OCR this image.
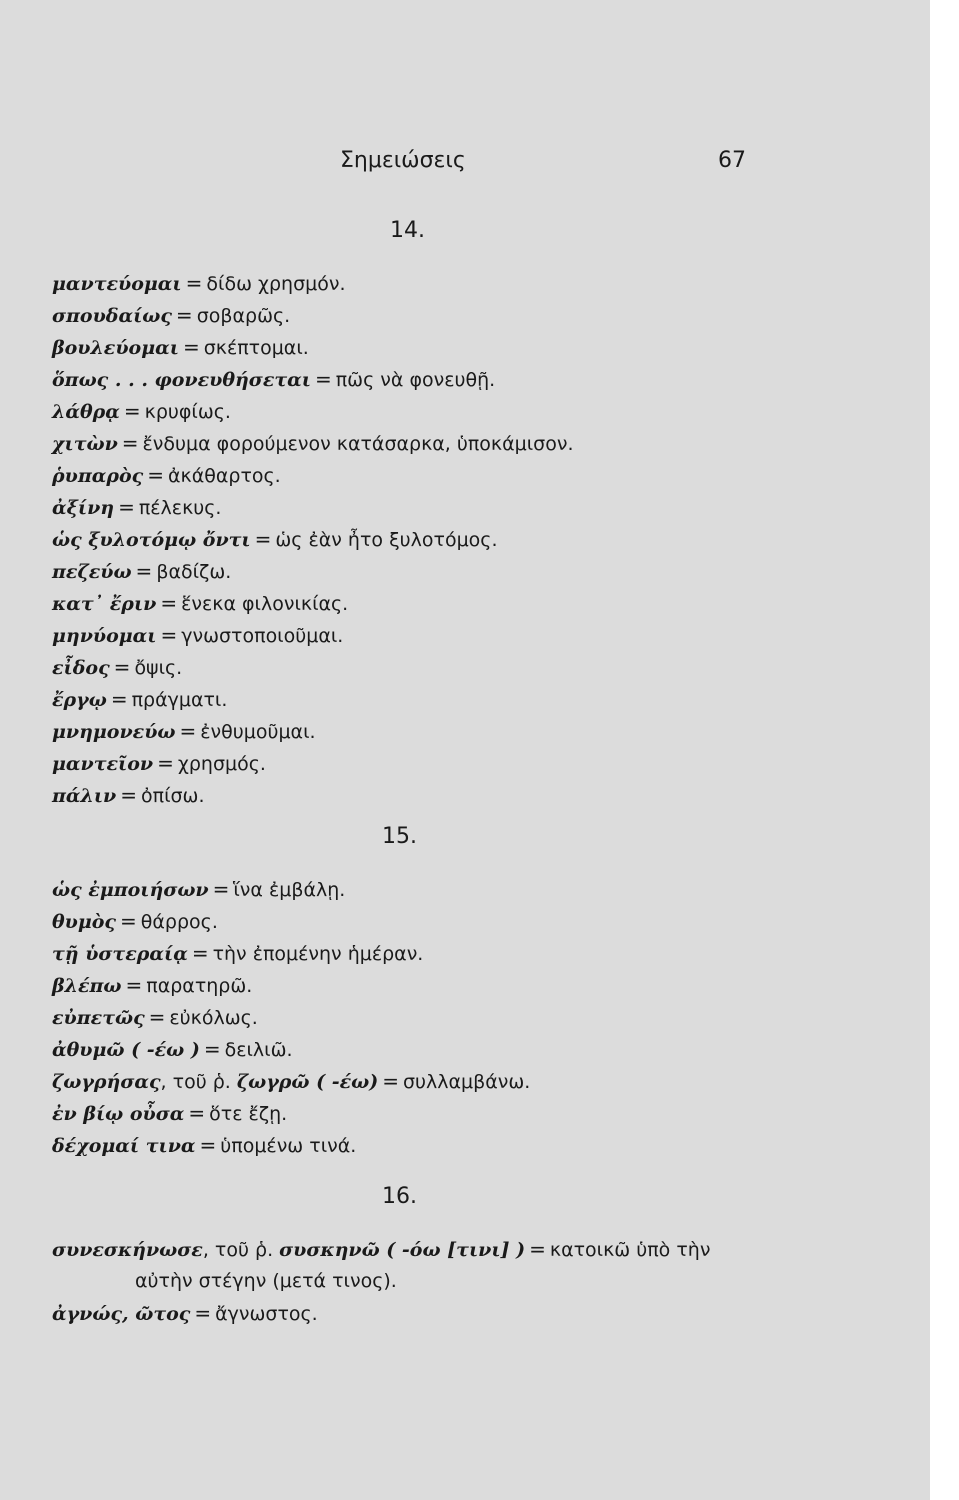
Σημειώσεις	67
14.
μαντεύομαι = δίδω χρησμόν.
σπουδαίως = σοβαρῶς.
βουλεύομαι = σκέπτομαι.
ὅπως . . . φονευθήσεται = πῶς νὰ φονευθῇ.
λάθρᾳ = κρυφίως.
χιτὼν = ἔνδυμα φορούμενον κατάσαρκα, ὑποκάμισον.
ῥυπαρὸς = ἀκάθαρτος.
ἀξίνη = πέλεκυς.
ὡς ξυλοτόμῳ ὄντι = ὡς ἐὰν ἦτο ξυλοτόμος.
πεζεύω = βαδίζω.
κατ᾿ ἔριν = ἕνεκα φιλονικίας.
μηνύομαι = γνωστοποιοῦμαι.
εἶδος = ὄψις.
ἔργῳ = πράγματι.
μνημονεύω = ἐνθυμοῦμαι.
μαντεῖον = χρησμός.
πάλιν = ὀπίσω.
15.
ὡς ἐμποιήσων = ἵνα ἐμβάλῃ.
θυμὸς = θάρρος.
τῇ ὑστεραίᾳ = τὴν ἐπομένην ἡμέραν.
βλέπω = παρατηρῶ.
εὐπετῶς = εὐκόλως.
ἀθυμῶ ( -έω ) = δειλιῶ.
ζωγρήσας, τοῦ ῥ. ζωγρῶ ( -έω) = συλλαμβάνω.
ἐν βίῳ οὖσα = ὅτε ἔζῃ.
δέχομαί τινα = ὑπομένω τινά.
16.
συνεσκήνωσε, τοῦ ῥ. συσκηνῶ ( -όω [τινι] ) = κατοικῶ ὑπὸ τὴν
αὐτὴν στέγην (μετά τινος).
ἀγνώς, ῶτος = ἄγνωστος.
